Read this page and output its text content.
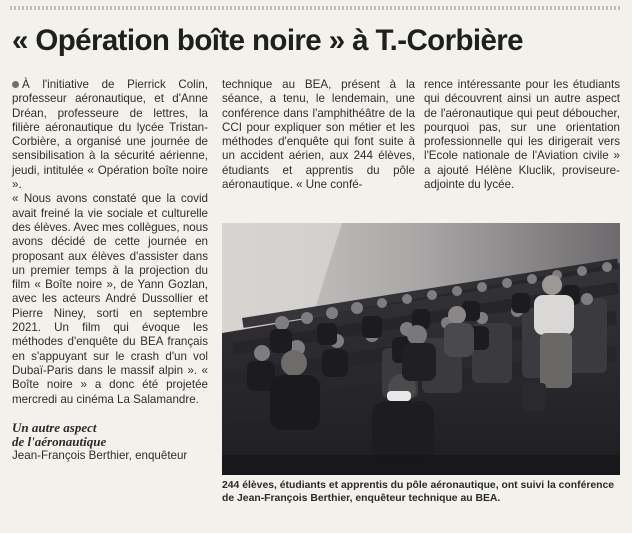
« Opération boîte noire » à T.-Corbière

À l'initiative de Pierrick Colin, professeur aéronautique, et d'Anne Dréan, professeure de lettres, la filière aéronautique du lycée Tristan-Corbière, a organisé une journée de sensibilisation à la sécurité aérienne, jeudi, intitulée « Opération boîte noire ».

« Nous avons constaté que la covid avait freiné la vie sociale et culturelle des élèves. Avec mes collègues, nous avons décidé de cette journée en proposant aux élèves d'assister dans un premier temps à la projection du film « Boîte noire », de Yann Gozlan, avec les acteurs André Dussollier et Pierre Niney, sorti en septembre 2021. Un film qui évoque les méthodes d'enquête du BEA français en s'appuyant sur le crash d'un vol Dubaï-Paris dans le massif alpin ». « Boîte noire » a donc été projetée mercredi au cinéma La Salamandre.

Un autre aspect
de l'aéronautique

Jean-François Berthier, enquêteur

technique au BEA, présent à la séance, a tenu, le lendemain, une conférence dans l'amphithéâtre de la CCI pour expliquer son métier et les méthodes d'enquête qui font suite à un accident aérien, aux 244 élèves, étudiants et apprentis du pôle aéronautique. « Une confé-

rence intéressante pour les étudiants qui découvrent ainsi un autre aspect de l'aéronautique qui peut déboucher, pourquoi pas, sur une orientation professionnelle qui les dirigerait vers l'Ecole nationale de l'Aviation civile » a ajouté Hélène Kluclik, proviseure-adjointe du lycée.

244 élèves, étudiants et apprentis du pôle aéronautique, ont suivi la conférence de Jean-François Berthier, enquêteur technique au BEA.
